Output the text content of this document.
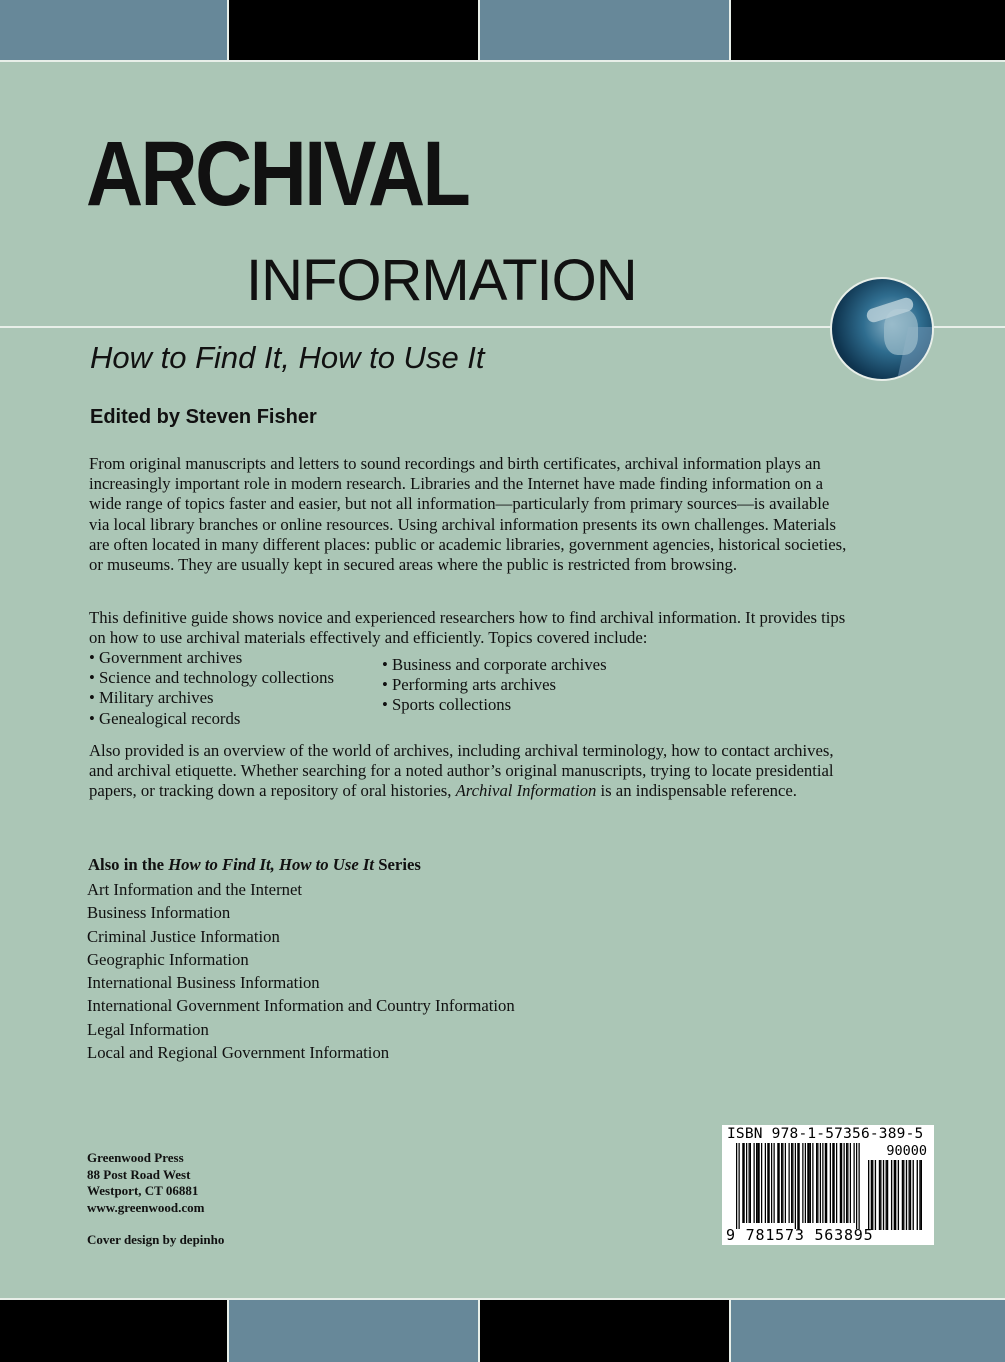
ARCHIVAL
INFORMATION
How to Find It, How to Use It
Edited by Steven Fisher

From original manuscripts and letters to sound recordings and birth certificates, archival information plays an increasingly important role in modern research. Libraries and the Internet have made finding information on a wide range of topics faster and easier, but not all information—particularly from primary sources—is available via local library branches or online resources. Using archival information presents its own challenges. Materials are often located in many different places: public or academic libraries, government agencies, historical societies, or museums. They are usually kept in secured areas where the public is restricted from browsing.

This definitive guide shows novice and experienced researchers how to find archival information. It provides tips on how to use archival materials effectively and efficiently. Topics covered include:

• Government archives
• Science and technology collections
• Military archives
• Genealogical records
• Business and corporate archives
• Performing arts archives
• Sports collections

Also provided is an overview of the world of archives, including archival terminology, how to contact archives, and archival etiquette. Whether searching for a noted author’s original manuscripts, trying to locate presidential papers, or tracking down a repository of oral histories, Archival Information is an indispensable reference.

Also in the How to Find It, How to Use It Series
Art Information and the Internet
Business Information
Criminal Justice Information
Geographic Information
International Business Information
International Government Information and Country Information
Legal Information
Local and Regional Government Information
Greenwood Press
88 Post Road West
Westport, CT 06881
www.greenwood.com
Cover design by depinho
ISBN 978-1-57356-389-5
90000
9 781573 563895
